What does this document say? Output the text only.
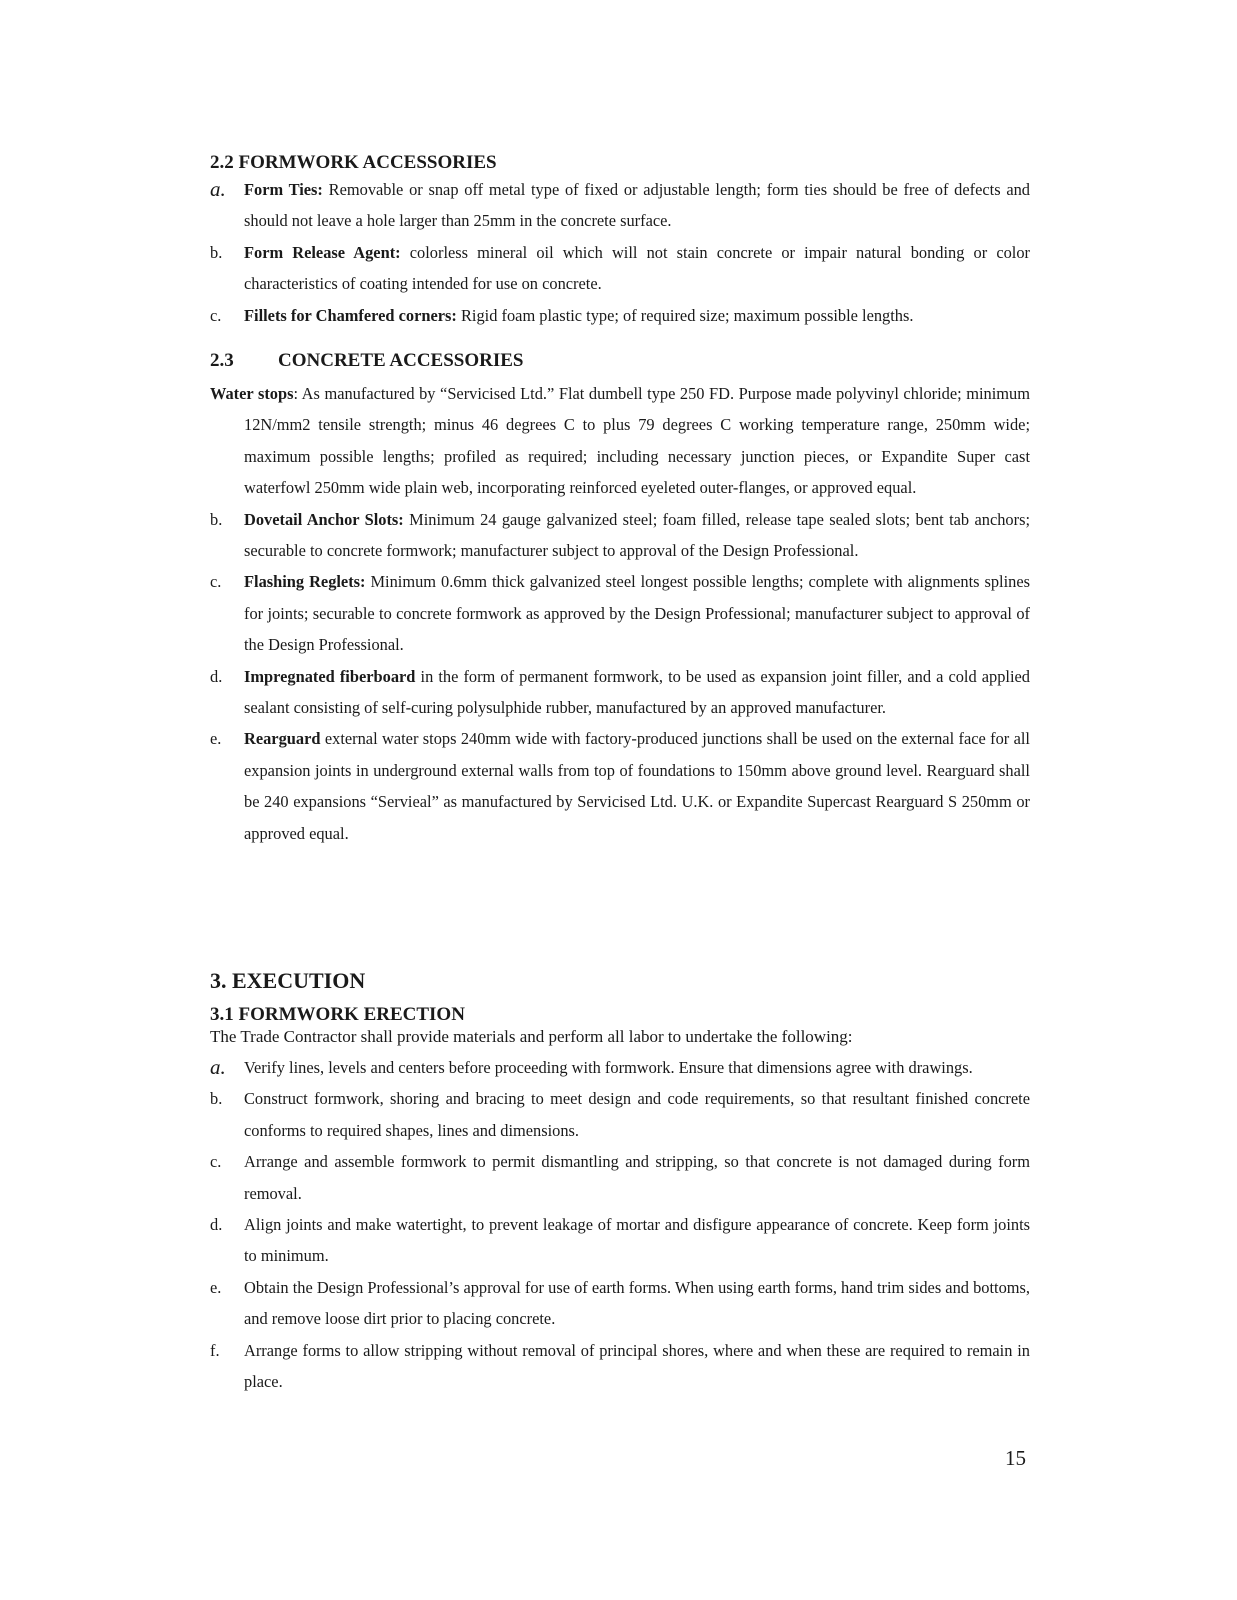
2.2 FORMWORK ACCESSORIES
a.	Form Ties: Removable or snap off metal type of fixed or adjustable length; form ties should be free of defects and should not leave a hole larger than 25mm in the concrete surface.
b.	Form Release Agent: colorless mineral oil which will not stain concrete or impair natural bonding or color characteristics of coating intended for use on concrete.
c.	Fillets for Chamfered corners: Rigid foam plastic type; of required size; maximum possible lengths.
2.3	CONCRETE ACCESSORIES
Water stops: As manufactured by “Servicised Ltd.” Flat dumbell type 250 FD. Purpose made polyvinyl chloride; minimum 12N/mm2 tensile strength; minus 46 degrees C to plus 79 degrees C working temperature range, 250mm wide; maximum possible lengths; profiled as required; including necessary junction pieces, or Expandite Super cast waterfowl 250mm wide plain web, incorporating reinforced eyeleted outer-flanges, or approved equal.
b.	Dovetail Anchor Slots: Minimum 24 gauge galvanized steel; foam filled, release tape sealed slots; bent tab anchors; securable to concrete formwork; manufacturer subject to approval of the Design Professional.
c.	Flashing Reglets: Minimum 0.6mm thick galvanized steel longest possible lengths; complete with alignments splines for joints; securable to concrete formwork as approved by the Design Professional; manufacturer subject to approval of the Design Professional.
d.	Impregnated fiberboard in the form of permanent formwork, to be used as expansion joint filler, and a cold applied sealant consisting of self-curing polysulphide rubber, manufactured by an approved manufacturer.
e.	Rearguard external water stops 240mm wide with factory-produced junctions shall be used on the external face for all expansion joints in underground external walls from top of foundations to 150mm above ground level. Rearguard shall be 240 expansions “Servieal” as manufactured by Servicised Ltd. U.K. or Expandite Supercast Rearguard S 250mm or approved equal.
3. EXECUTION
3.1 FORMWORK ERECTION
The Trade Contractor shall provide materials and perform all labor to undertake the following:
a.	Verify lines, levels and centers before proceeding with formwork. Ensure that dimensions agree with drawings.
b.	Construct formwork, shoring and bracing to meet design and code requirements, so that resultant finished concrete conforms to required shapes, lines and dimensions.
c.	Arrange and assemble formwork to permit dismantling and stripping, so that concrete is not damaged during form removal.
d.	Align joints and make watertight, to prevent leakage of mortar and disfigure appearance of concrete. Keep form joints to minimum.
e.	Obtain the Design Professional’s approval for use of earth forms. When using earth forms, hand trim sides and bottoms, and remove loose dirt prior to placing concrete.
f.	Arrange forms to allow stripping without removal of principal shores, where and when these are required to remain in place.
15
